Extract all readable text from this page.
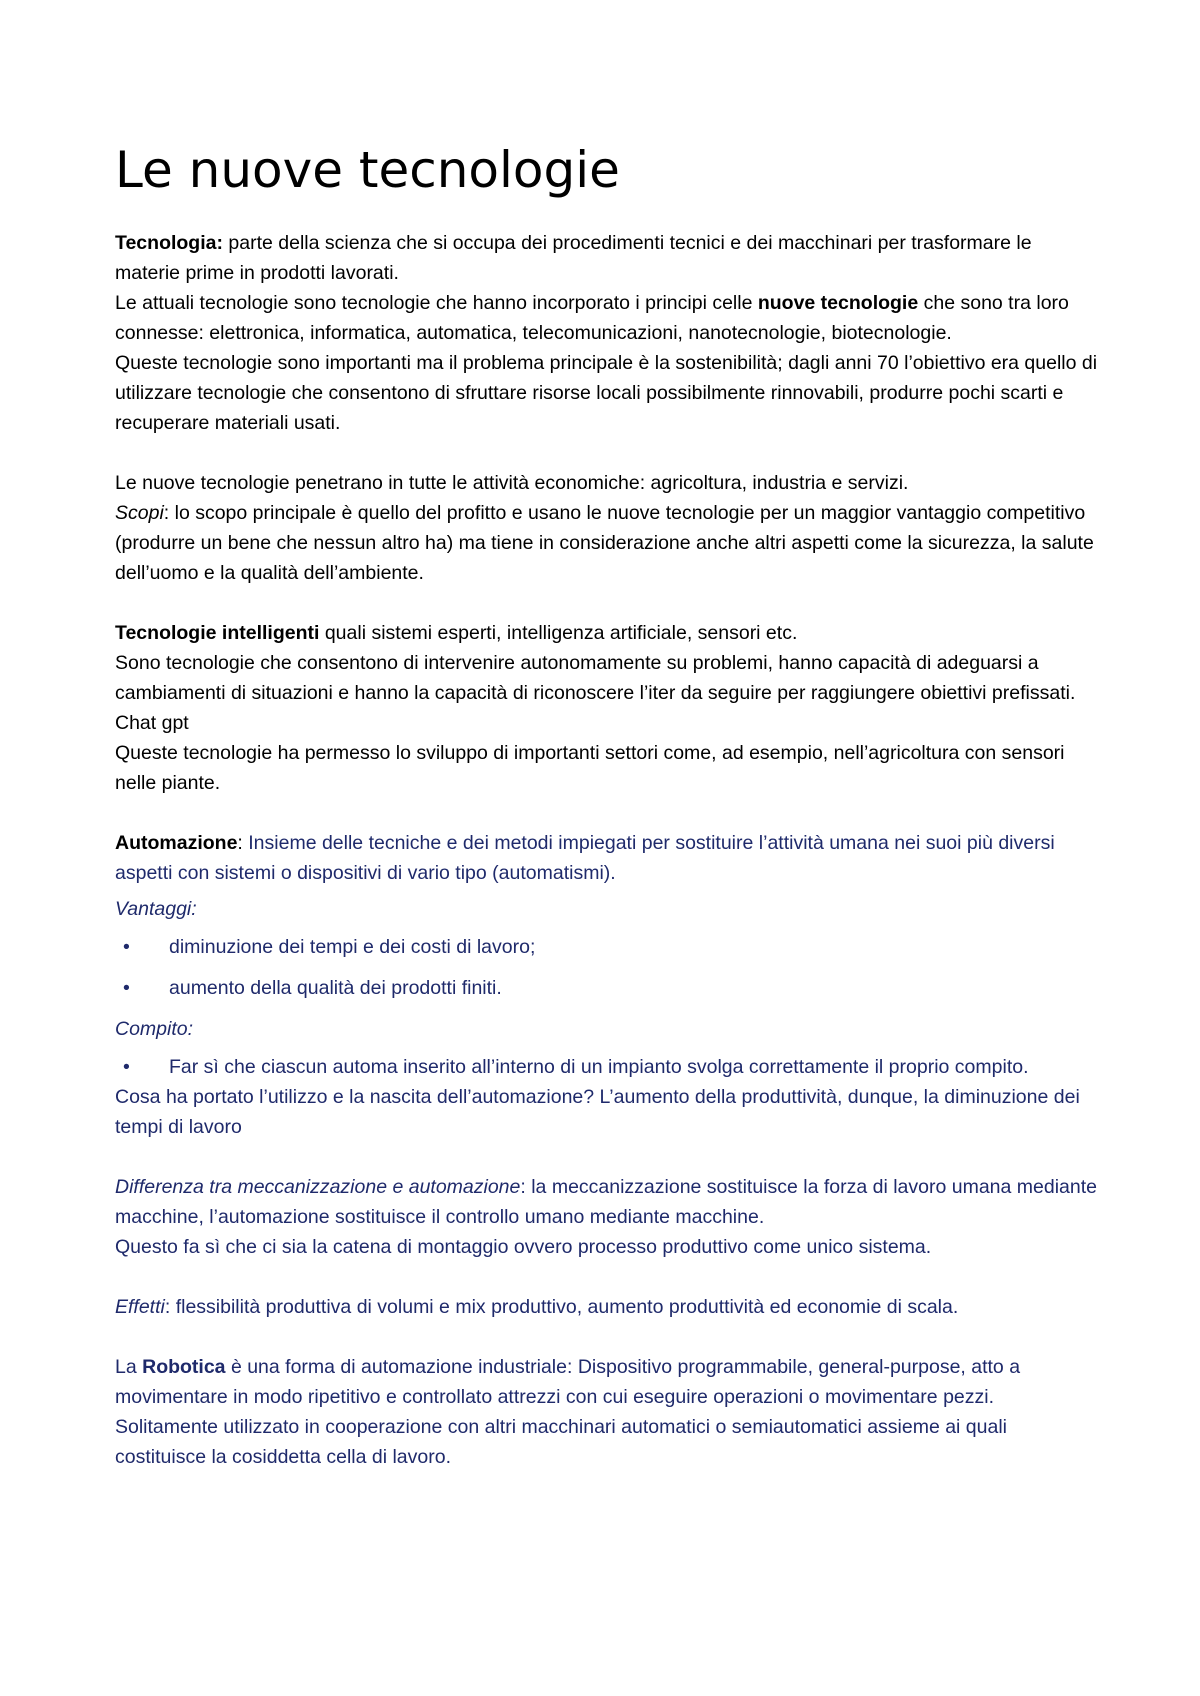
Le nuove tecnologie

Tecnologia: parte della scienza che si occupa dei procedimenti tecnici e dei macchinari per trasformare le materie prime in prodotti lavorati.

Le attuali tecnologie sono tecnologie che hanno incorporato i principi celle nuove tecnologie che sono tra loro connesse: elettronica, informatica, automatica, telecomunicazioni, nanotecnologie, biotecnologie.

Queste tecnologie sono importanti ma il problema principale è la sostenibilità; dagli anni 70 l’obiettivo era quello di utilizzare tecnologie che consentono di sfruttare risorse locali possibilmente rinnovabili, produrre pochi scarti e recuperare materiali usati.

Le nuove tecnologie penetrano in tutte le attività economiche: agricoltura, industria e servizi.

Scopi: lo scopo principale è quello del profitto e usano le nuove tecnologie per un maggior vantaggio competitivo (produrre un bene che nessun altro ha) ma tiene in considerazione anche altri aspetti come la sicurezza, la salute dell’uomo e la qualità dell’ambiente.

Tecnologie intelligenti quali sistemi esperti, intelligenza artificiale, sensori etc.

Sono tecnologie che consentono di intervenire autonomamente su problemi, hanno capacità di adeguarsi a cambiamenti di situazioni e hanno la capacità di riconoscere l’iter da seguire per raggiungere obiettivi prefissati. Chat gpt

Queste tecnologie ha permesso lo sviluppo di importanti settori come, ad esempio, nell’agricoltura con sensori nelle piante.

Automazione: Insieme delle tecniche e dei metodi impiegati per sostituire l’attività umana nei suoi più diversi aspetti con sistemi o dispositivi di vario tipo (automatismi).

Vantaggi:

• diminuzione dei tempi e dei costi di lavoro;
• aumento della qualità dei prodotti finiti.

Compito:

• Far sì che ciascun automa inserito all’interno di un impianto svolga correttamente il proprio compito.

Cosa ha portato l’utilizzo e la nascita dell’automazione? L’aumento della produttività, dunque, la diminuzione dei tempi di lavoro

Differenza tra meccanizzazione e automazione: la meccanizzazione sostituisce la forza di lavoro umana mediante macchine, l’automazione sostituisce il controllo umano mediante macchine.

Questo fa sì che ci sia la catena di montaggio ovvero processo produttivo come unico sistema.

Effetti: flessibilità produttiva di volumi e mix produttivo, aumento produttività ed economie di scala.

La Robotica è una forma di automazione industriale: Dispositivo programmabile, general-purpose, atto a movimentare in modo ripetitivo e controllato attrezzi con cui eseguire operazioni o movimentare pezzi. Solitamente utilizzato in cooperazione con altri macchinari automatici o semiautomatici assieme ai quali costituisce la cosiddetta cella di lavoro.
